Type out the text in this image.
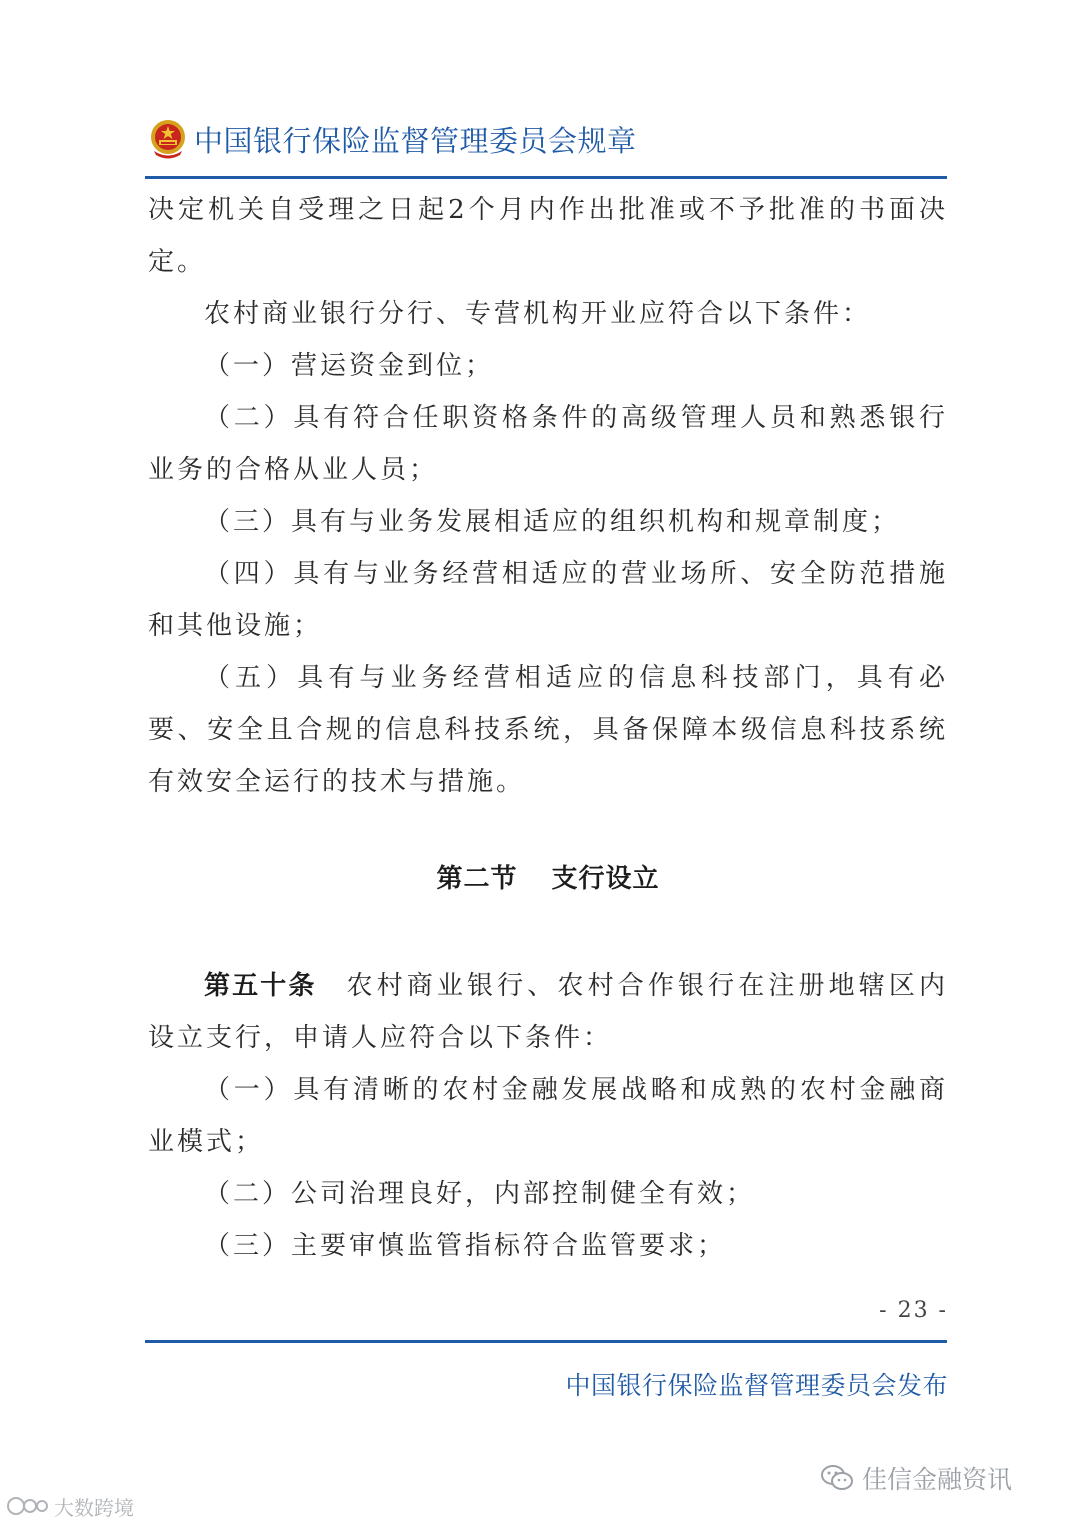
中国银行保险监督管理委员会规章

决定机关自受理之日起2个月内作出批准或不予批准的书面决定。

农村商业银行分行、专营机构开业应符合以下条件：

（一）营运资金到位；

（二）具有符合任职资格条件的高级管理人员和熟悉银行业务的合格从业人员；

（三）具有与业务发展相适应的组织机构和规章制度；

（四）具有与业务经营相适应的营业场所、安全防范措施和其他设施；

（五）具有与业务经营相适应的信息科技部门，具有必要、安全且合规的信息科技系统，具备保障本级信息科技系统有效安全运行的技术与措施。

第二节 支行设立

第五十条 农村商业银行、农村合作银行在注册地辖区内设立支行，申请人应符合以下条件：

（一）具有清晰的农村金融发展战略和成熟的农村金融商业模式；

（二）公司治理良好，内部控制健全有效；

（三）主要审慎监管指标符合监管要求；

- 23 -
中国银行保险监督管理委员会发布
佳信金融资讯
大数跨境
